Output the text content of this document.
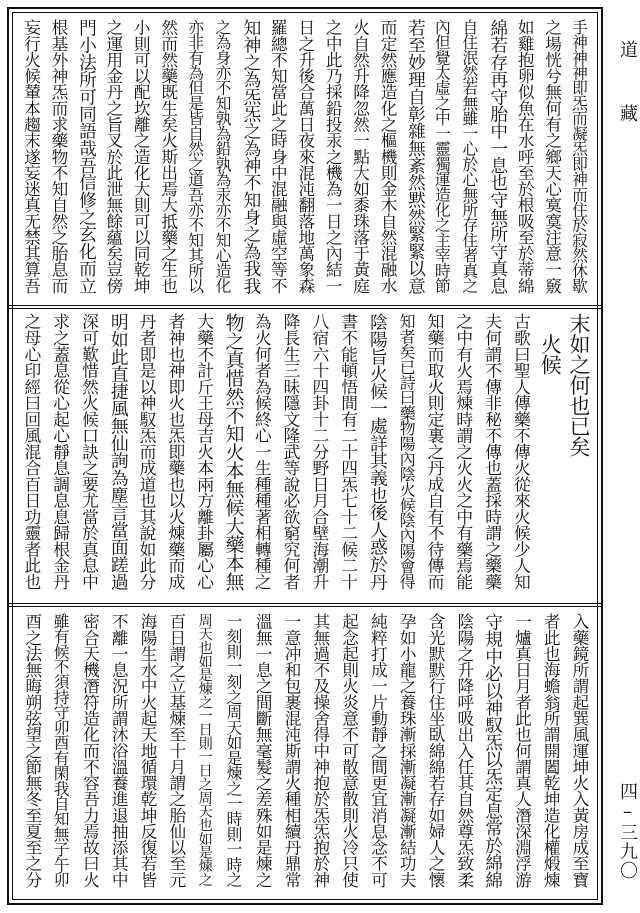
手神神神即炁而凝炁即神而住於寂然休歇
之場恍兮無何有之鄉天心寞寞注意一竅
如雞抱卵似魚在水呼至於根吸至於蒂綿
綿若存再守胎中一息也守無所守真息
自住泯然若無雖一心於心無所存住者真之
內但覺太虛之中一靈獨運造化之主宰時節
若至妙理自彰雜無紊然黙然緊緊以意
而定然應造化之樞機則金木自然混融水
火自然升降忽然一點大如黍珠落于黃庭
之中此乃採鉛投汞之機為一日之內結一
日之升後合萬日夜來混沌翻落地萬象森
羅總不知當此之時身中混融與虛空等不
知神之為炁炁之為神不知身之為我我
之為身亦不知孰為鉛孰為汞亦不知心造化
亦非有為但是皆自然之道吾亦不知其所以
然而然藥既生矣火斯出焉大抵藥之生也
小則可以配坎離之造化大則可以同乾坤
之運用金丹之旨叉於此泄無餘蘊矣豈傍
門小法所可同語哉吾信修之玄化而立
根基外神炁而求藥物不知自然之胎息而
妄行火候輦本趨末遂妄迷真无禁其算吾
末如之何也已矣
　火候
古歌曰聖人傳藥不傳火從來火候少人知
夫何謂不傳非秘不傳也蓋採時謂之藥藥
之中有火焉煉時謂之火火之中有藥焉能
知藥而取火則定裏之丹成自有不待傳而
知者矣已詩曰藥物陽內陰火候陰內陽會得
陰陽旨火候一處詳其義也後人惑於丹
書不能頓悟間有二十四炁七十二候二十
八宿六十四卦十二分野日月合壁海潮升
降長生三昧隱文隆武等說必欲窮究何者
為火何者為候終心一生種種著相轉種之
物之真惜然不知火本無候大藥本無
大藥不計斤王母吉火本兩方離卦屬心心
者神也神即火也炁即藥也以火煉藥而成
丹者即是以神馭炁而成道也其說如此分
明如此直捷風無仙詢為塵言當面蹉過
深可歎惜然火候口訣之要尤當於真息中
求之蓋息從心起心靜息調息息歸根金丹
之母心印經曰回風混合百日功靈者此也
入藥鏡所謂起巽風運坤火入黃房成至寶
者此也海蟾翁所謂開闔乾坤造化權煅煉
一爐真日月者此也何謂真人潛深淵浮游
守規中必以神馭炁以炁定息常於綿綿
陰陽之升降呼吸出入任其自然尊炁致柔
含光默默行住坐臥綿綿若存如婦人之懷
孕如小龍之養珠漸採漸凝漸凝漸結功夫
純粹打成一片動靜之間更宜消息念不可
起念起則火炎意不可散意散則火冷只使
其無過不及操舍得中神抱於炁炁抱於神
一意冲和包裹混沌斯謂火種相續丹鼎常
溫無一息之間斷無毫髮之差殊如是煉之
一刻則一刻之周天如是煉之一時則一時之
周天也如是煉之一日則一日之周天也如是煉之
百日謂之立基煉至十月謂之胎仙以至元
海陽生水中火起天地循環乾坤反復若皆
不離一息況所謂沐浴溫養進退抽添其中
密合天機潛符造化而不容吾力焉故曰火
雖有候不須持守卯酉有閑我自知無子午卯
酉之法無晦朔弦望之節無冬至夏至之分
道　藏
四–三九〇
